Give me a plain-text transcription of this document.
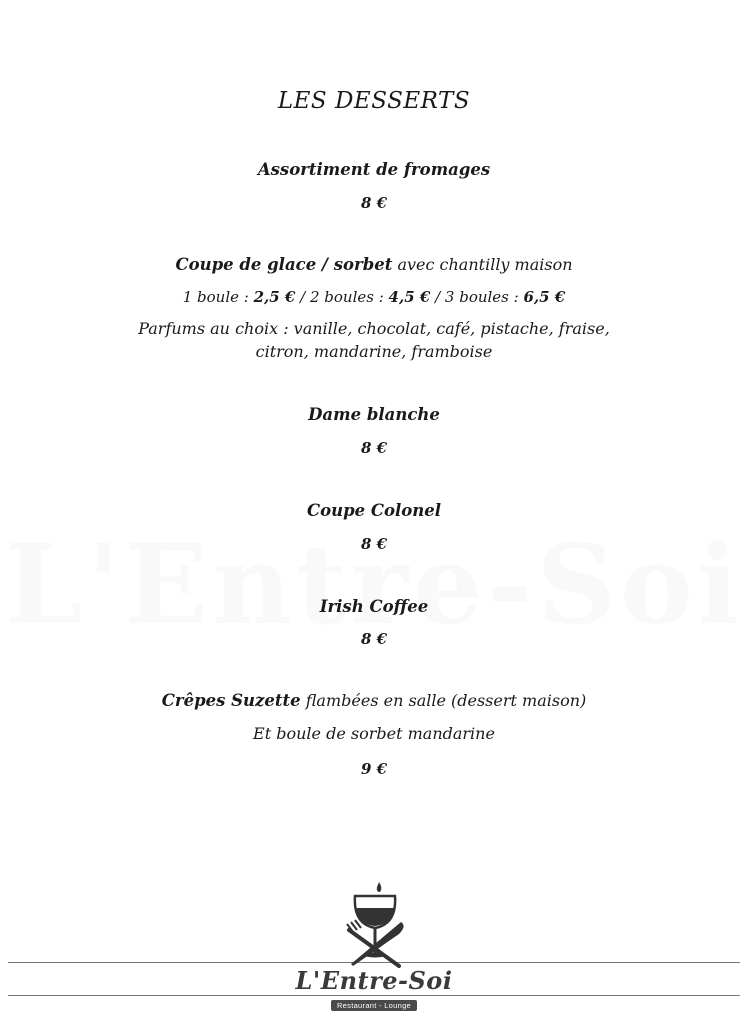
LES DESSERTS
Assortiment de fromages
8 €
Coupe de glace / sorbet avec chantilly maison
1 boule : 2,5 € / 2 boules : 4,5 € / 3 boules : 6,5 €
Parfums au choix : vanille, chocolat, café, pistache, fraise,
citron, mandarine, framboise
Dame blanche
8 €
Coupe Colonel
8 €
Irish Coffee
8 €
Crêpes Suzette flambées en salle (dessert maison)
Et boule de sorbet mandarine
9 €
L'Entre-Soi
Restaurant - Lounge
